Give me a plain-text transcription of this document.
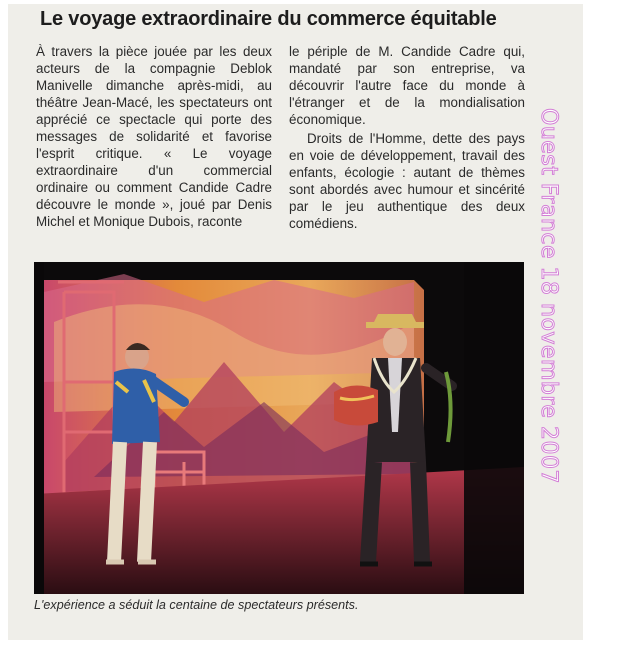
Le voyage extraordinaire du commerce équitable

À travers la pièce jouée par les deux acteurs de la compagnie Deblok Manivelle dimanche après-midi, au théâtre Jean-Macé, les spectateurs ont apprécié ce spectacle qui porte des messages de solidarité et favorise l'esprit critique. « Le voyage extraordinaire d'un commercial ordinaire ou comment Candide Cadre découvre le monde », joué par Denis Michel et Monique Dubois, raconte

le périple de M. Candide Cadre qui, mandaté par son entreprise, va découvrir l'autre face du monde à l'étranger et de la mondialisation économique.

Droits de l'Homme, dette des pays en voie de développement, travail des enfants, écologie : autant de thèmes sont abordés avec humour et sincérité par le jeu authentique des deux comédiens.

L'expérience a séduit la centaine de spectateurs présents.
Ouest France 18 novembre 2007
